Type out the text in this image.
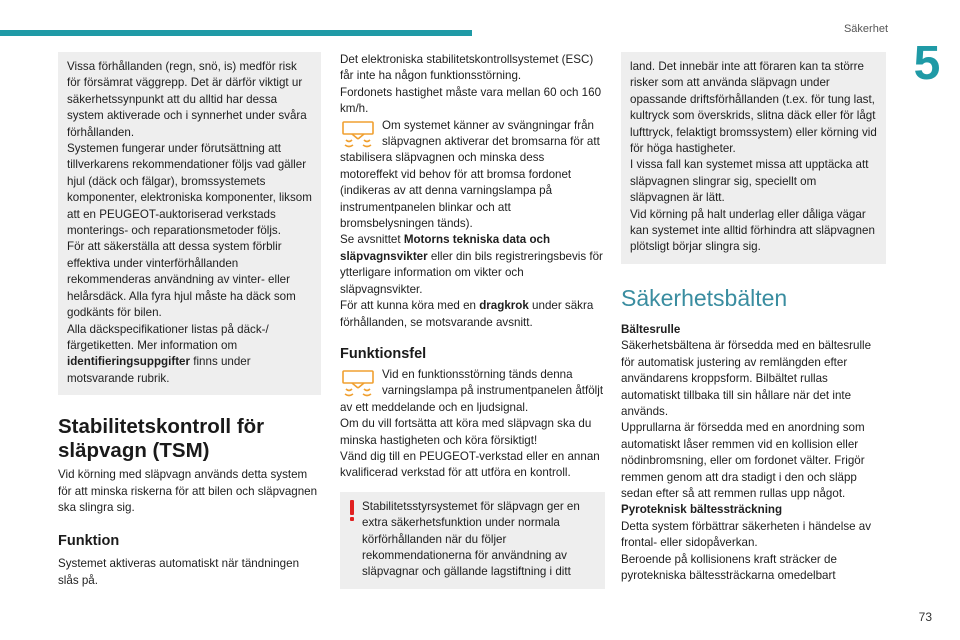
Säkerhet
5

Vissa förhållanden (regn, snö, is) medför risk för försämrat väggrepp. Det är därför viktigt ur säkerhetssynpunkt att du alltid har dessa system aktiverade och i synnerhet under svåra förhållanden.

Systemen fungerar under förutsättning att tillverkarens rekommendationer följs vad gäller hjul (däck och fälgar), bromssystemets komponenter, elektroniska komponenter, liksom att en PEUGEOT-auktoriserad verkstads monterings- och reparationsmetoder följs.

För att säkerställa att dessa system förblir effektiva under vinterförhållanden rekommenderas användning av vinter- eller helårsdäck. Alla fyra hjul måste ha däck som godkänts för bilen.

Alla däckspecifikationer listas på däck-/ färgetiketten. Mer information om identifieringsuppgifter finns under motsvarande rubrik.

Stabilitetskontroll för släpvagn (TSM)

Vid körning med släpvagn används detta system för att minska riskerna för att bilen och släpvagnen ska slingra sig.

Funktion

Systemet aktiveras automatiskt när tändningen slås på.

Det elektroniska stabilitetskontrollsystemet (ESC) får inte ha någon funktionsstörning.

Fordonets hastighet måste vara mellan 60 och 160 km/h.

Om systemet känner av svängningar från släpvagnen aktiverar det bromsarna för att stabilisera släpvagnen och minska dess motoreffekt vid behov för att bromsa fordonet (indikeras av att denna varningslampa på instrumentpanelen blinkar och att bromsbelysningen tänds).

Se avsnittet Motorns tekniska data och släpvagnsvikter eller din bils registreringsbevis för ytterligare information om vikter och släpvagnsvikter.

För att kunna köra med en dragkrok under säkra förhållanden, se motsvarande avsnitt.

Funktionsfel

Vid en funktionsstörning tänds denna varningslampa på instrumentpanelen åtföljt av ett meddelande och en ljudsignal.

Om du vill fortsätta att köra med släpvagn ska du minska hastigheten och köra försiktigt!

Vänd dig till en PEUGEOT-verkstad eller en annan kvalificerad verkstad för att utföra en kontroll.

Stabilitetsstyrsystemet för släpvagn ger en extra säkerhetsfunktion under normala körförhållanden när du följer rekommendationerna för användning av släpvagnar och gällande lagstiftning i ditt

land. Det innebär inte att föraren kan ta större risker som att använda släpvagn under opassande driftsförhållanden (t.ex. för tung last, kultryck som överskrids, slitna däck eller för lågt lufttryck, felaktigt bromssystem) eller körning vid för höga hastigheter.

I vissa fall kan systemet missa att upptäcka att släpvagnen slingrar sig, speciellt om släpvagnen är lätt.

Vid körning på halt underlag eller dåliga vägar kan systemet inte alltid förhindra att släpvagnen plötsligt börjar slingra sig.

Säkerhetsbälten

Bältesrulle

Säkerhetsbältena är försedda med en bältesrulle för automatisk justering av remlängden efter användarens kroppsform. Bilbältet rullas automatiskt tillbaka till sin hållare när det inte används.

Upprullarna är försedda med en anordning som automatiskt låser remmen vid en kollision eller nödinbromsning, eller om fordonet välter. Frigör remmen genom att dra stadigt i den och släpp sedan efter så att remmen rullas upp något.

Pyroteknisk bältessträckning

Detta system förbättrar säkerheten i händelse av frontal- eller sidopåverkan.

Beroende på kollisionens kraft sträcker de pyrotekniska bältessträckarna omedelbart

73
